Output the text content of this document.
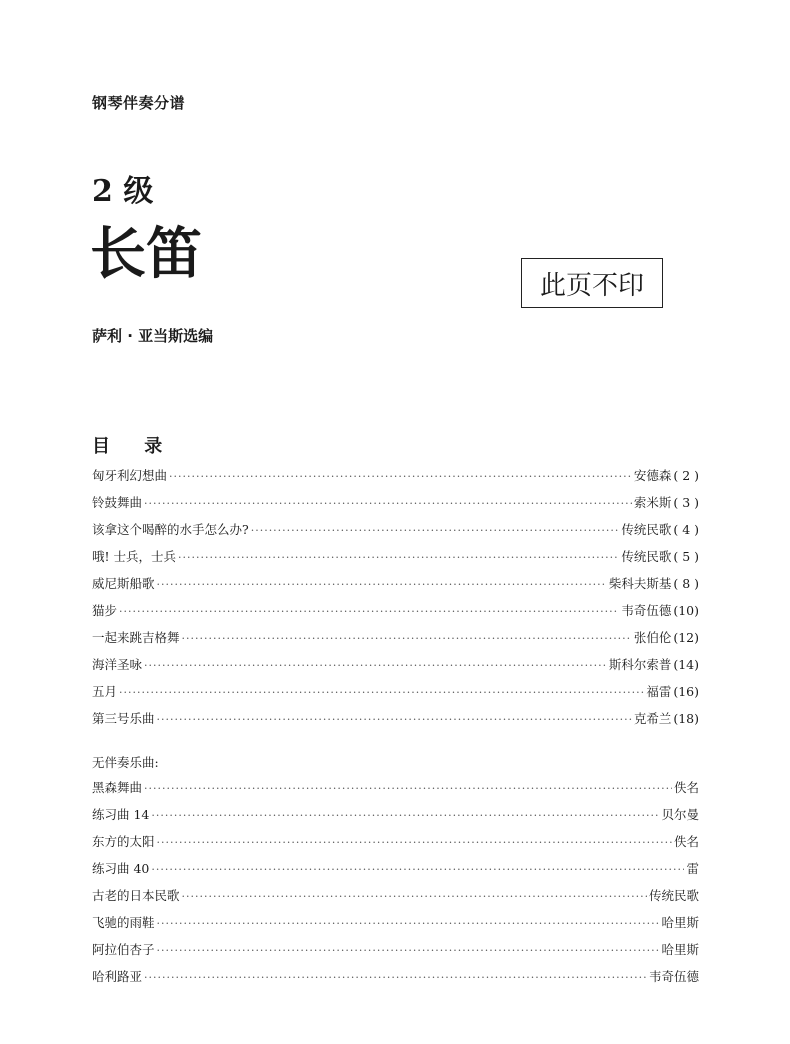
钢琴伴奏分谱
2 级
长笛
萨利 · 亚当斯选编
此页不印
目 录
匈牙利幻想曲 ·····	安德森 ( 2 )
铃鼓舞曲 ·····	索米斯 ( 3 )
该拿这个喝醉的水手怎么办? ·····	传统民歌 ( 4 )
哦! 士兵，士兵 ·····	传统民歌 ( 5 )
威尼斯船歌 ·····	柴科夫斯基 ( 8 )
猫步 ·····	韦奇伍德 (10)
一起来跳吉格舞 ·····	张伯伦 (12)
海洋圣咏 ·····	斯科尔索普 (14)
五月 ·····	福雷 (16)
第三号乐曲 ·····	克希兰 (18)
无伴奏乐曲:
黑森舞曲 ·····	佚名
练习曲 14 ·····	贝尔曼
东方的太阳 ·····	佚名
练习曲 40 ·····	雷
古老的日本民歌 ·····	传统民歌
飞驰的雨鞋 ·····	哈里斯
阿拉伯杏子 ·····	哈里斯
哈利路亚 ·····	韦奇伍德
